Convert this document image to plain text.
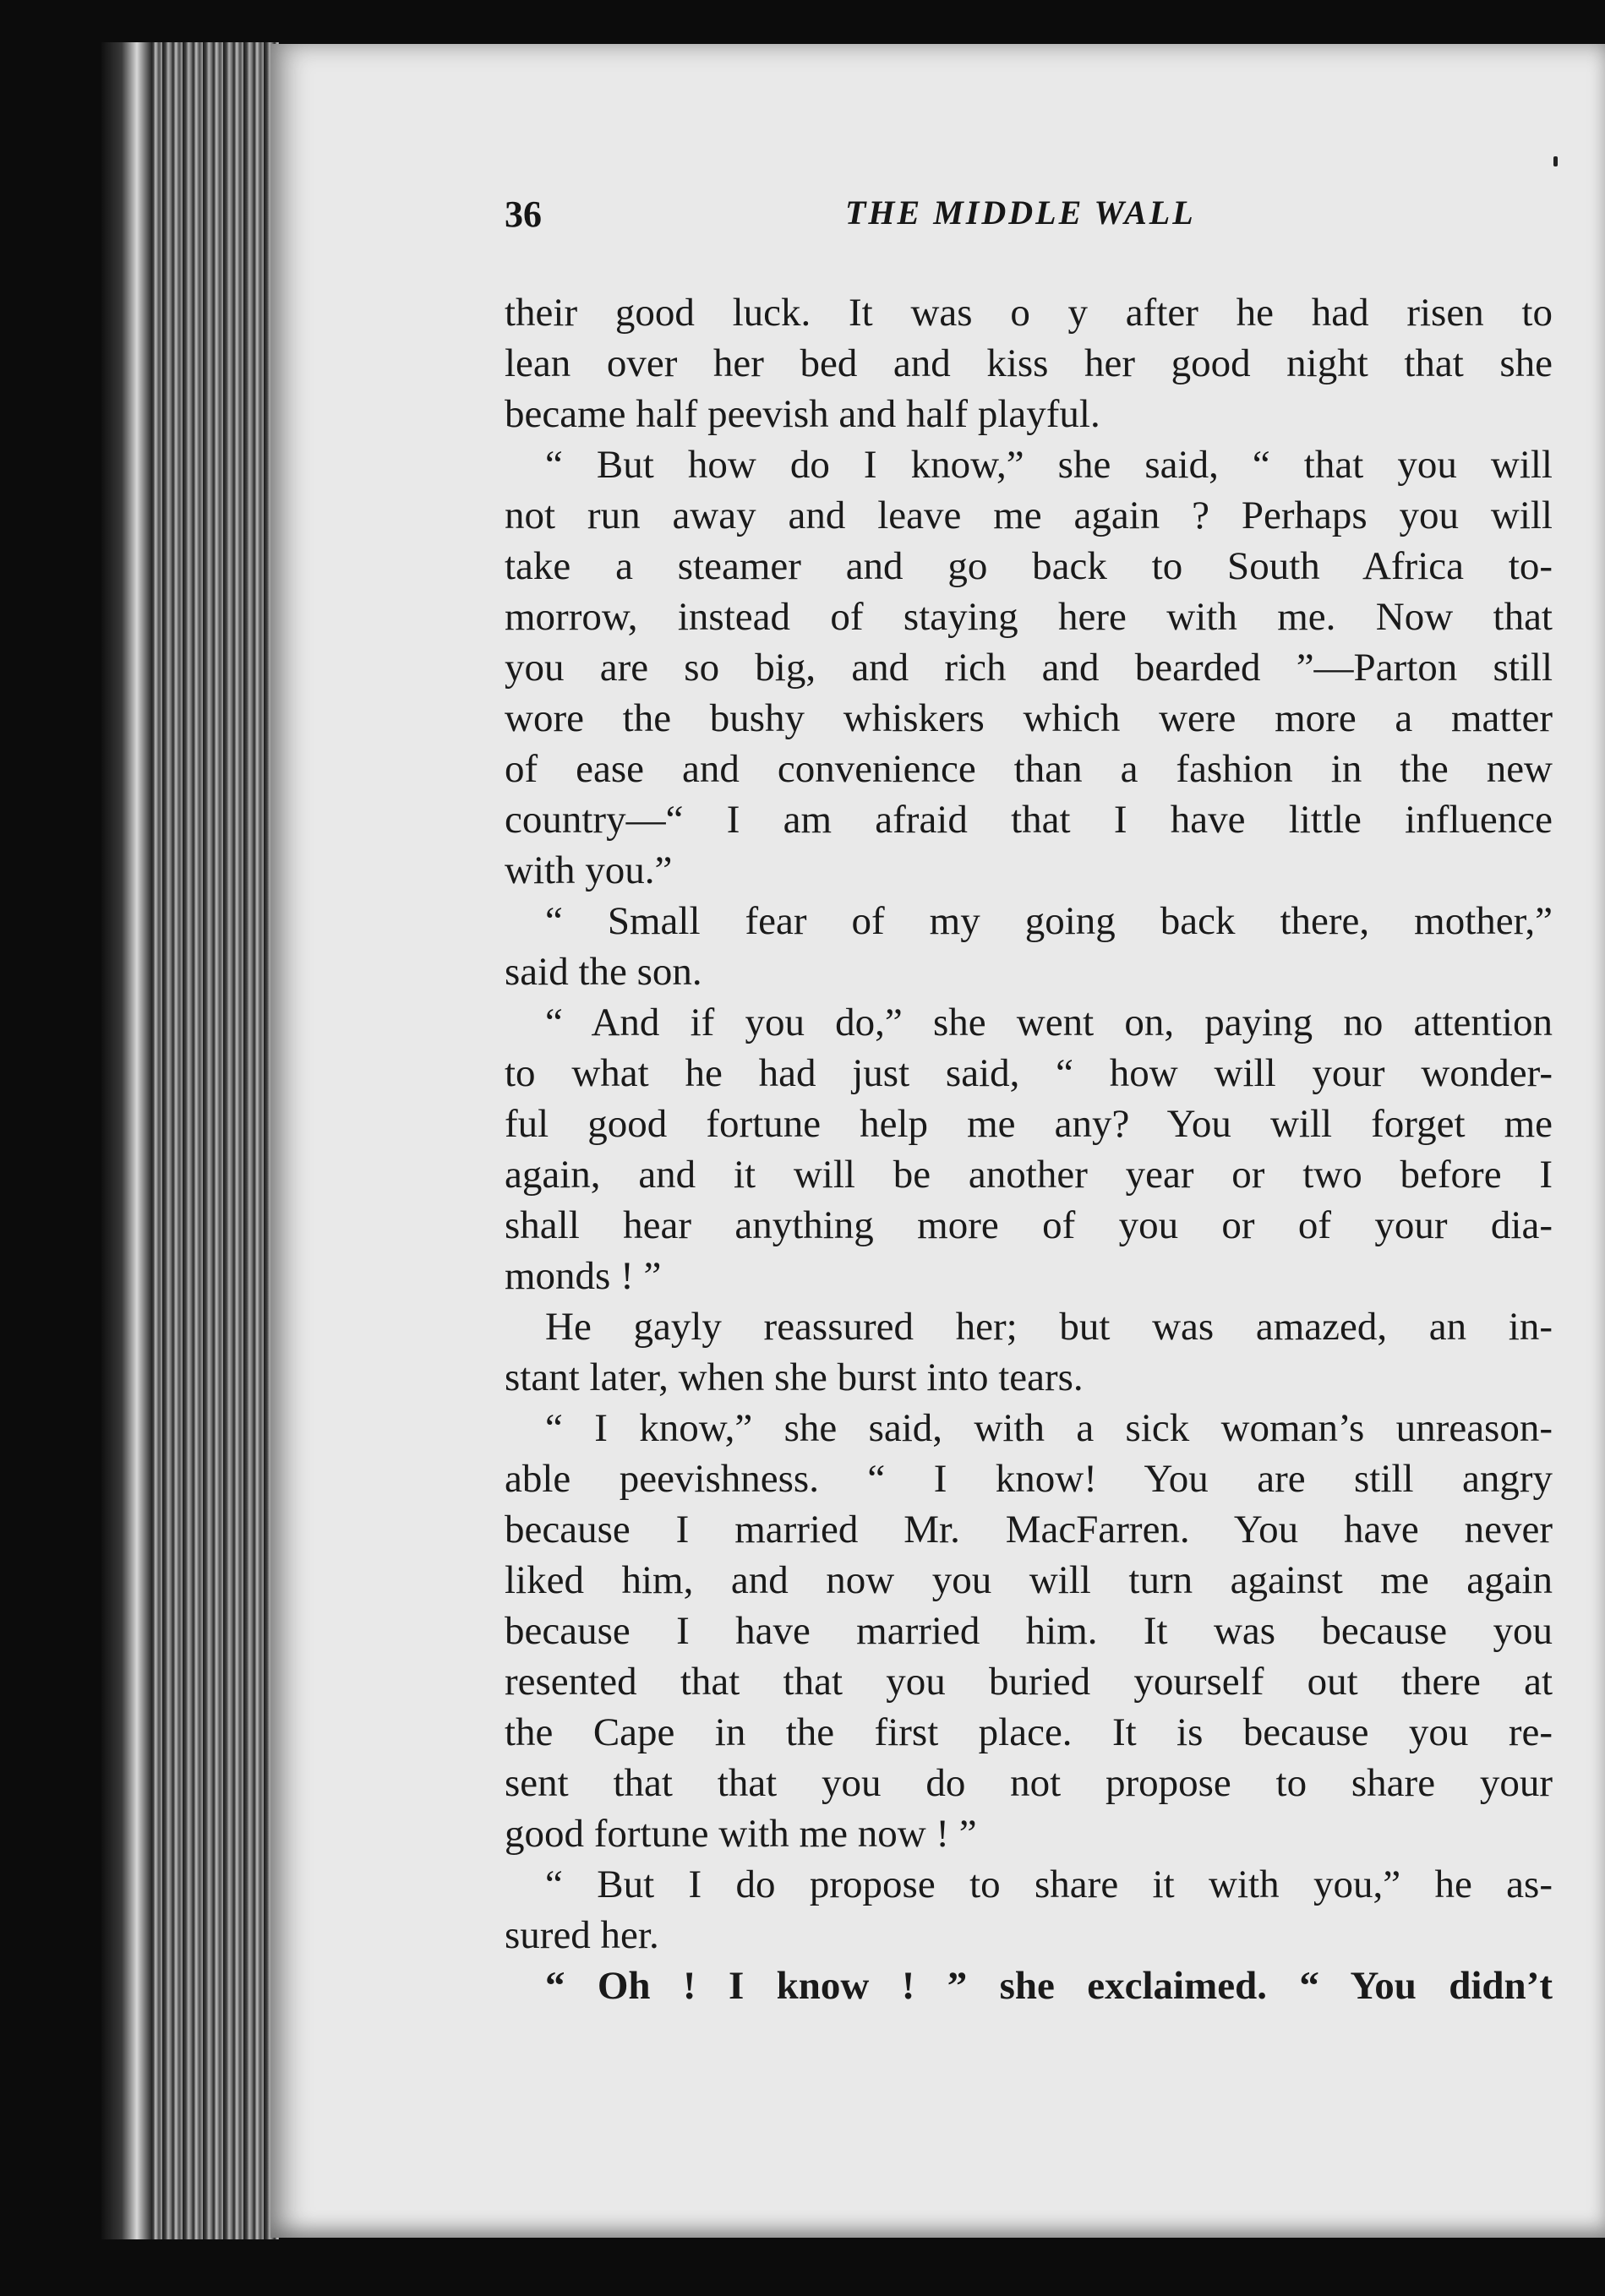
36	THE MIDDLE WALL
their good luck. It was o y after he had risen to
lean over her bed and kiss her good night that she
became half peevish and half playful.
“ But how do I know,” she said, “ that you will
not run away and leave me again ? Perhaps you will
take a steamer and go back to South Africa to-
morrow, instead of staying here with me. Now that
you are so big, and rich and bearded ”—Parton still
wore the bushy whiskers which were more a matter
of ease and convenience than a fashion in the new
country—“ I am afraid that I have little influence
with you.”
“ Small fear of my going back there, mother,”
said the son.
“ And if you do,” she went on, paying no attention
to what he had just said, “ how will your wonder-
ful good fortune help me any? You will forget me
again, and it will be another year or two before I
shall hear anything more of you or of your dia-
monds ! ”
He gayly reassured her; but was amazed, an in-
stant later, when she burst into tears.
“ I know,” she said, with a sick woman’s unreason-
able peevishness. “ I know! You are still angry
because I married Mr. MacFarren. You have never
liked him, and now you will turn against me again
because I have married him. It was because you
resented that that you buried yourself out there at
the Cape in the first place. It is because you re-
sent that that you do not propose to share your
good fortune with me now ! ”
“ But I do propose to share it with you,” he as-
sured her.
“ Oh ! I know ! ” she exclaimed. “ You didn’t
